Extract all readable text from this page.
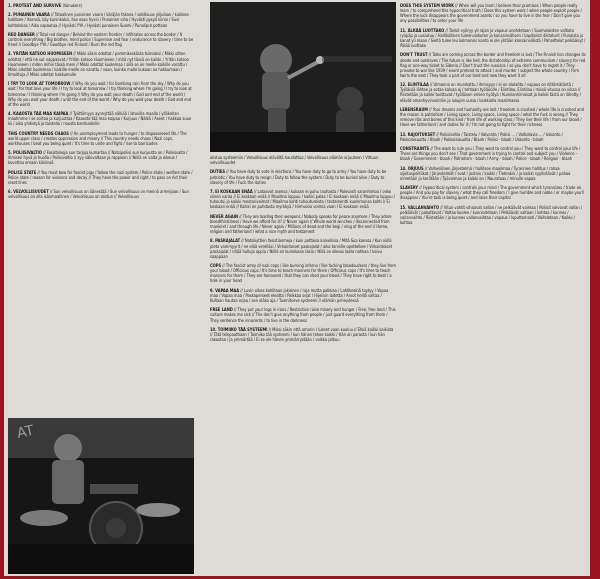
1. PROTEST AND SURVIVE (Vanukers)
2. PUNAINEN VAARA // Totaalinen punainen vaara / käräjän fakana / solidisuus ylijulaan / kaikkea hallitsee / itsensä, käy kuninkaksi, itse osaa hyvin / Punainen viha / Hyvästi pysyä kiinni / Suvi kohtalokas / Aika vapautua // Hyvästi YYA / Hyvästi punainen Suomi / Punaliput pottaan
RED DANGER // Total red danger / Behind the eastern frontier / infiltrates across the border / It controls everything / Big brother, mind police / Supervise and fear / endurance to slavery / time to be freed // Goodbye YYA / Goodbye red Finland / Burn the red flag
3. YRITÄN KATSOO HUOMISEEN // Mikki säkin odottat / pommikeskästa tulevaksi / Mikki sitten odottat / että ne sut nappaavat / Yritän katsoo Huomiseen / mitä nyt tässä on kaikki / Yritän katsoo Huomiseen / miten mihin tässä meni // Mikki odottat kuolemaa / sillä se on meille kaikille varattu / Mikki odottat kuolemaa / kaikille meille on varattu / vaan, kuinka mulle kukaan oo hakkumaan / Ilmoittaja // Mikki odottat hakkumulle
I TRY TO LOOK AT TOMORROW // Why do you wait / for bombing rain from the sky / Why do you wait / for that love your life / I try to look at tomorrow / I try thinking where I'm going / I try to look at tomorrow / I thinking where I'm going // Why do you wait your death / God and end of the world / Why do you wait your death / until the end of the world / Why do you wait your death / God and end of the world
4. KAAOSTA TÄÄ MAA KAIPAA // Työttömyys aynnyttää nälkää / Istuvilla maalla / ylläkohan maahmme / se sortaa ja kurjuuttaa / Kaaosta tää maa kaipaa / Kurjuus / Nälkä / Aseet / hakkaa suue kii / aika yhdistyä ja taistella / nousta barrikadeille
THIS COUNTRY NEEDS CHAOS // An unemployment leads to hunger / to dispossessed life / The world upper class / creates oppression and misery // This country needs chaos / Nazi cops, workhouses / beat you being quiet / It's time to unite and fight / rise to barricades
5. POLIISIVALTIO // Fasistinkoja sun tarjoja kumartaa // Natsipoliisi sun kurjuutta on / Poliisivalta / ihmisen hyvä ja huolla / Poliisivaltio // syy väkivaltaan ja rappioon // Niillä on valta ja oikeus / kuvottaa omaan käsiinsä
POLICE STATE // You must bow for fascist pigs / follow the nazi system / Police state / welfare state / Police state / reason for violence and decay // They have the power and right / to pass on Act their reset lines
6. VELVOLLISUUDET // Sun velvollisuus on äänestää / Sun velvollisuus on mennä armeijaan / Sun velvollisuus on olla isänmaallinen / Velvollisuus on alistua // Velvollisuus
alistua systeemiin / Velvollisuus elävältä haudattua / Velvollisuus elämän orjuuteen / Vittuun velvollisuudet
DUTIES // You have duty to vote in elections / You have duty to go to army / You have duty to be patriotic / You have duty to resign / Duty to follow the system / Duty to be buried alive / Duty to slavery of life / Fuck the duties
7. EI KOSKAAN ENÄÄ // Lataavat asensa / kukaan ei puhu rauhasta / Palovasit varanhimoa / onko siinen varaa // Ei koskaan enää // Maailma loppuu / kaikki palaa / Ei koskaan enää // Maailma loppuu / tuhoutui ja kaikki mestarivoimat / Maailma kohti tuhoutumista / testamentti kuolemansa kohti // Ei koskaan enää // Kaikki on puhdasta myrkkyä / Hirmuisia voimia vaan / Ei koskaan enää
NEVER AGAIN // They are loading their weapons / Nobody speaks for peace anymore / They adore bloodthirstiness / Have we afford for it? // Never again // Whole world winches / disconnected from mankind / and through life / Never again / Millions of dead and the begi / ning of the end // Home, religion and fatherland / what a nice myth and testament
8. PASKAJALAT // Natsikyttien fasistianmeja / kuin pottaisa kalvollisia / Mitä Sua kanssa / Kun niillä pieto vammyyrit / ne elää verelläsi / Virkaintoiset paskajalat / aika tarviille opettelkee / Virkaintoiset paskajalat / nitää hulluja oppia / Niillä on kuninkaan lakia / Niilä on oikeus laata nahkaa / kaivu saappaan
COPS // The fascist army of nazi cops / like burning inferno / like fucking bloodsuckers / they live from your blood / Officious cops / It's time to teach manners for them / Officious cops / It's time to teach manners for them / They are honoured / that they can shed your blood / They have right to beat / a hole in your head
9. VAPAA MAA // Luvin oikea kahlitaan jokainen / raja mutta palkkaa / Lahtikeskiä taytyy / Vapaa maa / Vapaa maa / Paskaperseet eleatta / Palkkaa orjat / Hijeiisin laitetta / Arvot heillä valtaa / Kultaan hautaa orjaa / sen eläka aja / Tuomitseve systeemi // elämän pimeydessä
FREE LAND // They put your legs in irons / Restriction raise misery and hunger / Free, free land / This culture makes me sick // The don't give anything from people / just guard everything from them / They sentence the innocents / to live in the darkness
10. TOIMIIKO TÄÄ SYSTEEMI // Miksi säkin että omarin / lukeet vaan kuuluu // Ehkä kaikki kaikista // Tätä telepaattiaan / Toimiiko tää systeemi / kun hänen tekee kaikki / Hän on parasta / kun hän rakastaa / ja ymmärtää / Ei se ole hänen ymmärrystään / vaikka jatkuu
AT
DOES THIS SYSTEM WORK // When will you learn / believe their promises / When people really learn / to comprehend this hypocritical truth / Does this system work / when people exploit people / Where the luck disappears the government assets / so you have to live in the fear / Don't give you any possibilities / to order your life
11. ÄLKÄÄ LUOTTAKO // Tankit vyöryy yli rajan ja vapaus unohdetaan / Suomalaisten valtiota ryöpäp ja uusiutuu / Hallitsillinen tuleenvaikuten ja kansainvälisen / kapitalisti diktaturit / Punaista ja kanat yli maan / Sieltä tulee leu kolmansis kanta ei ole yhtään kansainvälistä / Pahoittelut pelkäänyt / Älkää luottako
DON'T TRUST // Talks are coming across the border and freedom is lost / The Finnish lion changes its abode and outslaves / The future is like hell, the dictatorship of extreme communism / slavery for red flag or one-way ticket to Siberia // Don't trust the russians / so you don't have to regret it / They provoke to war like 1939 / event pretend to attack / and murder / subject the whole country / Firm twirls the east / They took a part of our land and now they want it all
12. ELINTILAA // Ulmanna on murskattu / ihmisyys / ei on alalaitta / vapaus on riittämätöntä / Työläisiä lähtee ja sotaa kalvaa aj / tehtaan työläisille / Elintilaa, Elintilaa / missä vitussa on vikaa // Riistetään ja kaikki tuottavat / työläisen omien hyötyä / Kunnianhimoisat ja kaikki tästä on lähetty / elävät omanhyvinvointiin ja lukujen uusia / kaikkialla maailmassa
LEBENSRAUM // Your dreams and humanity are lost / freedom is crushed / whole life is crushed and the reason is patriotism / Living space, Living space, Living space / what the fuck is wrong // They remove ribs and bones of this kind / from life of working class / They live their life / from our blood / Have we fatherland / and duties for it / I'm not going to fight for their richness
13. RAJOITUKSET // Poliisivaltio / Taistelu / Valvonta / Poliisi ... / Valtiotavia ... / Uskonto / Pakkolaisuutta / Blaah / Pakkolaisuutta / Blaah / Poliisi - blaah / Uskonto - blaah
CONSTRAINTS // The want to rule you / They want to control you / They want to control your life / There are things you don't see / That government is trying to control and subject you / Violence - blaah / Government - blaah / Patriotism - blaah / Army - blaah / Police - blaah / Religion - blaah
14. ORJUUS // Valheellinen järjestelmä / hallitsee maailmaa / Tyrannien hallitus / rahaa sijoituspolitiikat / Järjestelmät / ovat / jostain / kaikki / Tietenkin / ja kaikki syyllistävät / pahaa nimetään ja kerätään / Työvoiman ja kaikki on / Naurataas / minulle vapaa
SLAVERY // Hypocritical system / controls your mind / The government which tyrannizes / trade on people / And you pay for slavery / what they call freedom / I give humble and noble / or maybe you'll disappear / You're task is being quiet / and raise their capital
15. VALLANVAIHTO // Vitun vahtit vihaavat vallan / ne pelkäävät voimaa / Poliisit valvovat vallan / pelkäävät / pakottavat / Valtaa kuolee / kunnioitetaan / Pelkäävät valtaan / kohtaa / kunnes / vallanvaihto / Riistetään / ja kunnes vallanvaihtaa / vapaus / loputtomasti / Vaihdetaan / Kaikki / kohtaa
